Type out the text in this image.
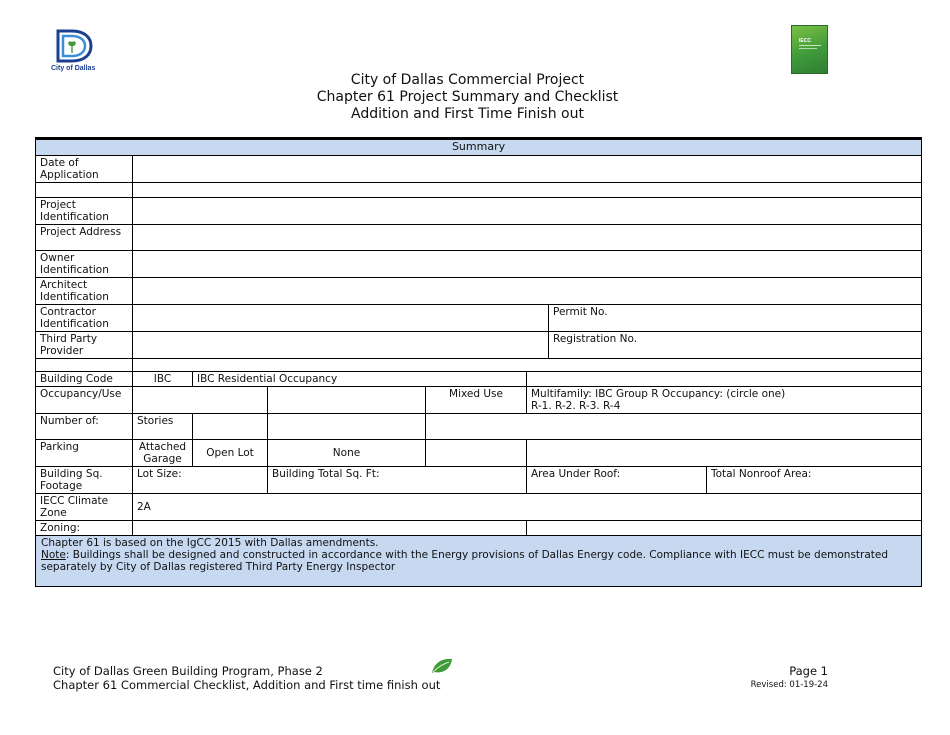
City of Dallas
IECC
City of Dallas Commercial Project
Chapter 61 Project Summary and Checklist
Addition and First Time Finish out
Summary							
Date of Application							

Project Identification							
Project Address							
Owner Identification							
Architect Identification							
Contractor Identification						Permit No.	
Third Party Provider						Registration No.	

Building Code	IBC	IBC Residential Occupancy					
Occupancy/Use				Mixed Use	Multifamily: IBC Group R Occupancy: (circle one)
R-1. R-2. R-3. R-4		

Number of:	Stories						
Parking	Attached Garage	Open Lot	None				
Building Sq. Footage	Lot Size:		Building Total Sq. Ft:		Area Under Roof:		Total Nonroof Area:
IECC Climate Zone	2A						
Zoning:							

Chapter 61 is based on the IgCC 2015 with Dallas amendments.
Note: Buildings shall be designed and constructed in accordance with the Energy provisions of Dallas Energy code. Compliance with IECC must be demonstrated separately by City of Dallas registered Third Party Energy Inspector							
City of Dallas Green Building Program, Phase 2
Chapter 61 Commercial Checklist, Addition and First time finish out
Page 1
Revised: 01-19-24
